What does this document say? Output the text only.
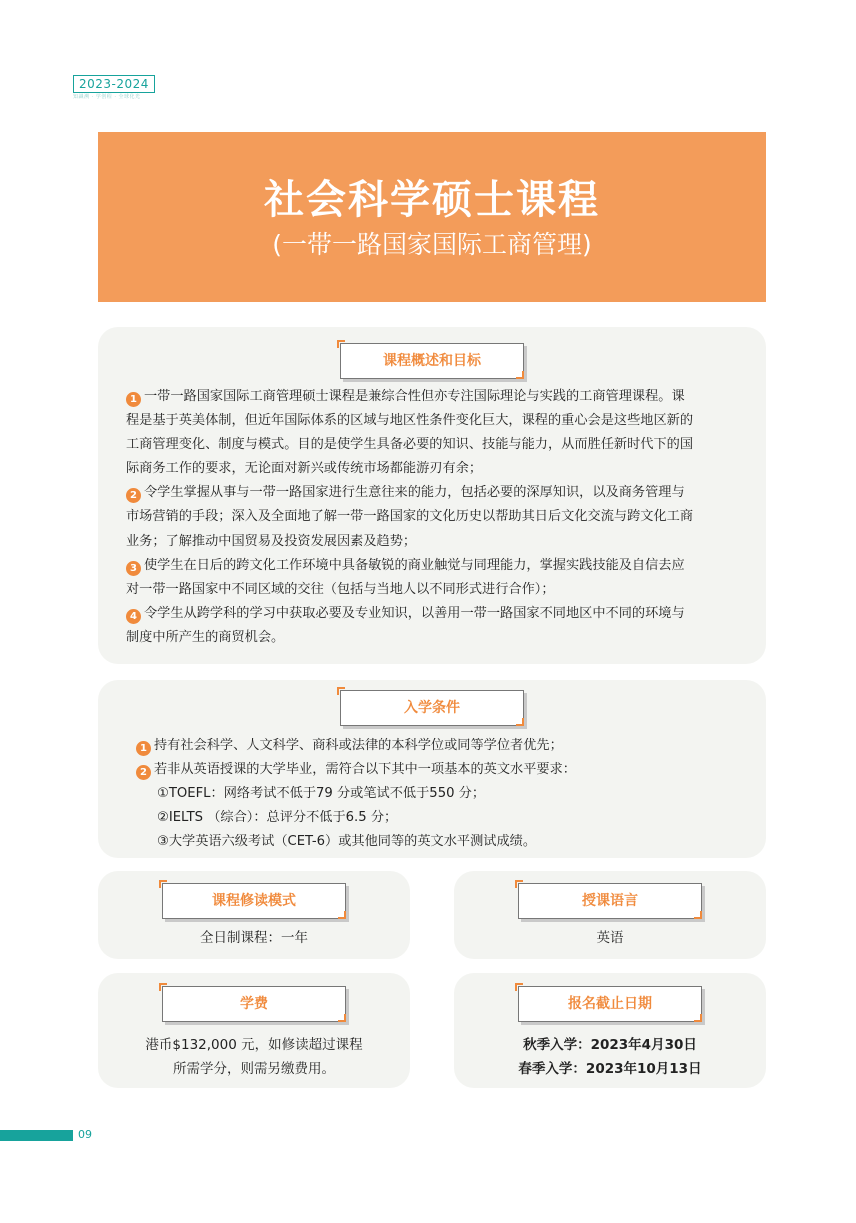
2023-2024
知識溯 · 学创程 · 全球化光
社会科学硕士课程
(一带一路国家国际工商管理)
课程概述和目标
1 一带一路国家国际工商管理硕士课程是兼综合性但亦专注国际理论与实践的工商管理课程。课
程是基于英美体制，但近年国际体系的区域与地区性条件变化巨大，课程的重心会是这些地区新的
工商管理变化、制度与模式。目的是使学生具备必要的知识、技能与能力，从而胜任新时代下的国
际商务工作的要求，无论面对新兴或传统市场都能游刃有余；
2 令学生掌握从事与一带一路国家进行生意往来的能力，包括必要的深厚知识，以及商务管理与
市场营销的手段；深入及全面地了解一带一路国家的文化历史以帮助其日后文化交流与跨文化工商
业务；了解推动中国贸易及投资发展因素及趋势；
3 使学生在日后的跨文化工作环境中具备敏锐的商业触觉与同理能力，掌握实践技能及自信去应
对一带一路国家中不同区域的交往（包括与当地人以不同形式进行合作）；
4 令学生从跨学科的学习中获取必要及专业知识，以善用一带一路国家不同地区中不同的环境与
制度中所产生的商贸机会。
入学条件
1 持有社会科学、人文科学、商科或法律的本科学位或同等学位者优先；
2 若非从英语授课的大学毕业，需符合以下其中一项基本的英文水平要求：
①TOEFL：网络考试不低于79 分或笔试不低于550 分；
②IELTS （综合）：总评分不低于6.5 分；
③大学英语六级考试（CET-6）或其他同等的英文水平测试成绩。
课程修读模式
全日制课程：一年
授课语言
英语
学费
港币$132,000 元，如修读超过课程
所需学分，则需另缴费用。
报名截止日期
秋季入学：2023年4月30日
春季入学：2023年10月13日
09
